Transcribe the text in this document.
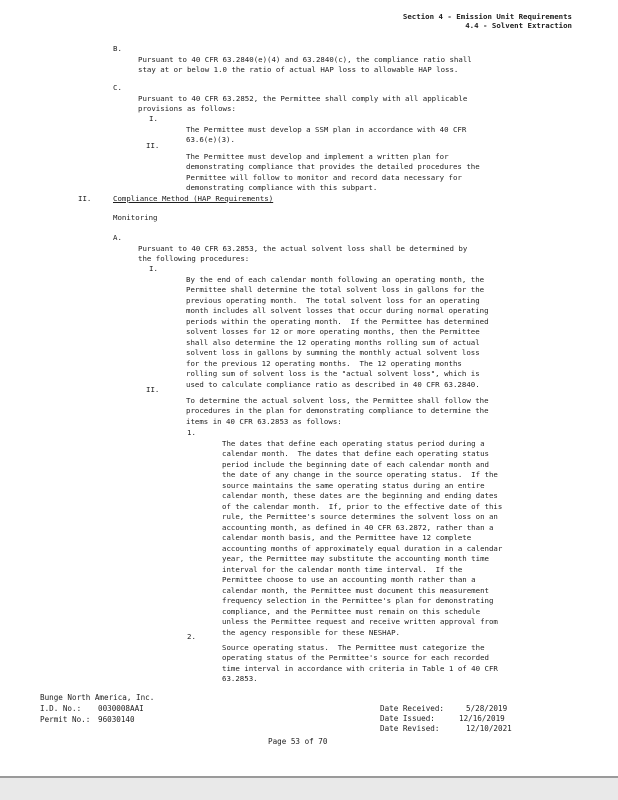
Section 4 - Emission Unit Requirements
4.4 - Solvent Extraction
B.

Pursuant to 40 CFR 63.2840(e)(4) and 63.2840(c), the compliance ratio shall
stay at or below 1.0 the ratio of actual HAP loss to allowable HAP loss.
C.

Pursuant to 40 CFR 63.2852, the Permittee shall comply with all applicable
provisions as follows:
I.

The Permittee must develop a SSM plan in accordance with 40 CFR
63.6(e)(3).
II.

The Permittee must develop and implement a written plan for
demonstrating compliance that provides the detailed procedures the
Permittee will follow to monitor and record data necessary for
demonstrating compliance with this subpart.
II.	Compliance Method (HAP Requirements)
Monitoring
A.

Pursuant to 40 CFR 63.2853, the actual solvent loss shall be determined by
the following procedures:
I.

By the end of each calendar month following an operating month, the
Permittee shall determine the total solvent loss in gallons for the
previous operating month.  The total solvent loss for an operating
month includes all solvent losses that occur during normal operating
periods within the operating month.  If the Permittee has determined
solvent losses for 12 or more operating months, then the Permittee
shall also determine the 12 operating months rolling sum of actual
solvent loss in gallons by summing the monthly actual solvent loss
for the previous 12 operating months.  The 12 operating months
rolling sum of solvent loss is the "actual solvent loss", which is
used to calculate compliance ratio as described in 40 CFR 63.2840.
II.

To determine the actual solvent loss, the Permittee shall follow the
procedures in the plan for demonstrating compliance to determine the
items in 40 CFR 63.2853 as follows:
1.

The dates that define each operating status period during a
calendar month.  The dates that define each operating status
period include the beginning date of each calendar month and
the date of any change in the source operating status.  If the
source maintains the same operating status during an entire
calendar month, these dates are the beginning and ending dates
of the calendar month.  If, prior to the effective date of this
rule, the Permittee's source determines the solvent loss on an
accounting month, as defined in 40 CFR 63.2872, rather than a
calendar month basis, and the Permittee have 12 complete
accounting months of approximately equal duration in a calendar
year, the Permittee may substitute the accounting month time
interval for the calendar month time interval.  If the
Permittee choose to use an accounting month rather than a
calendar month, the Permittee must document this measurement
frequency selection in the Permittee's plan for demonstrating
compliance, and the Permittee must remain on this schedule
unless the Permittee request and receive written approval from
the agency responsible for these NESHAP.
2.

Source operating status.  The Permittee must categorize the
operating status of the Permittee's source for each recorded
time interval in accordance with criteria in Table 1 of 40 CFR
63.2853.
Bunge North America, Inc.
I.D. No.: 0030008AAI
Permit No.: 96030140
Date Received:	5/28/2019
Date Issued:	12/16/2019
Date Revised:	12/10/2021
Page 53 of 70
